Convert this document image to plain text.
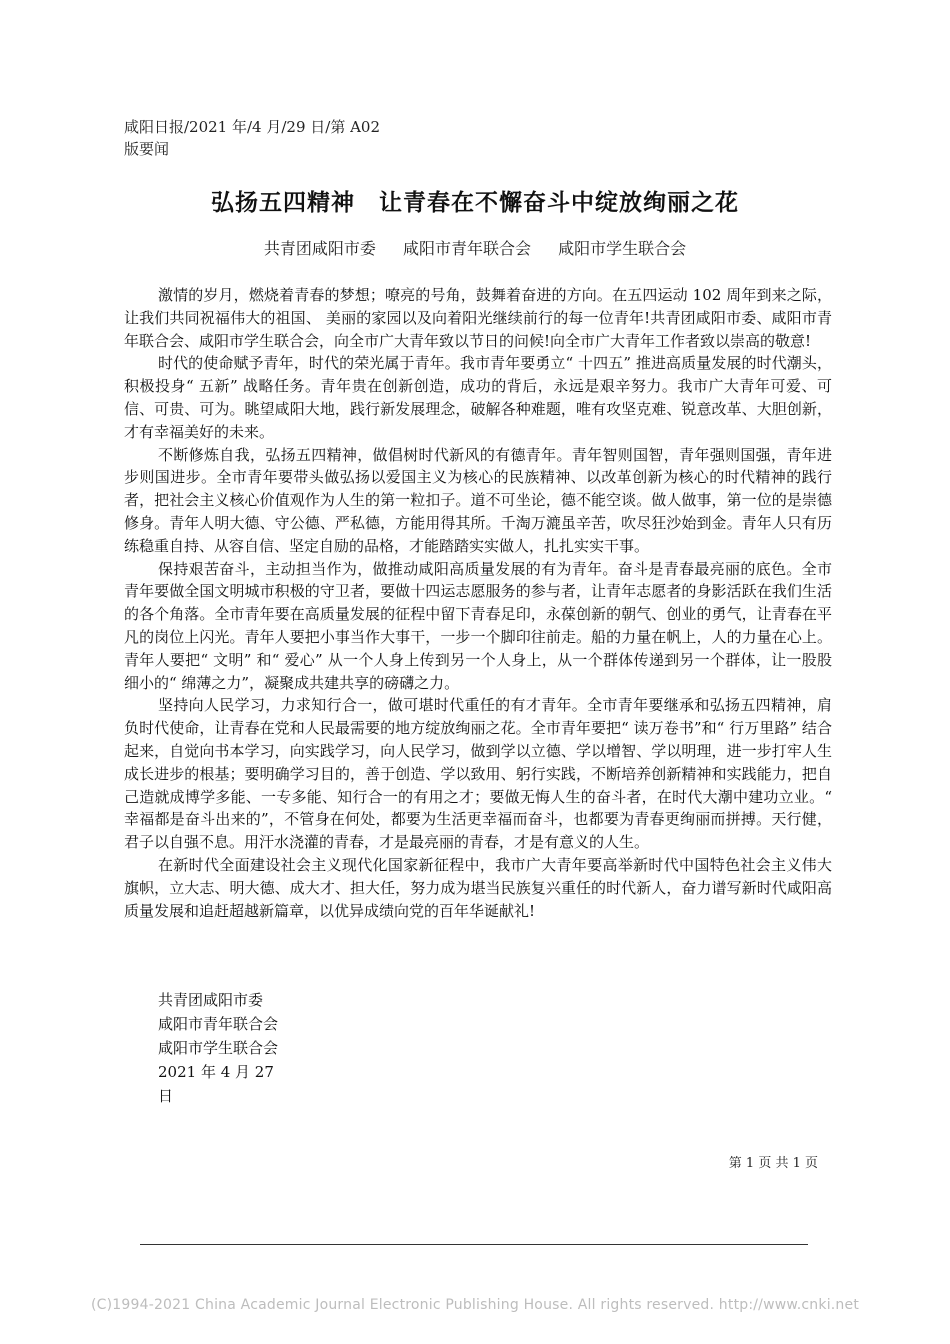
咸阳日报/2021 年/4 月/29 日/第 A02
版要闻
弘扬五四精神　让青春在不懈奋斗中绽放绚丽之花
共青团咸阳市委 咸阳市青年联合会 咸阳市学生联合会

激情的岁月，燃烧着青春的梦想；嘹亮的号角，鼓舞着奋进的方向。在五四运动 102 周年到来之际，让我们共同祝福伟大的祖国、 美丽的家园以及向着阳光继续前行的每一位青年!共青团咸阳市委、咸阳市青年联合会、咸阳市学生联合会，向全市广大青年致以节日的问候!向全市广大青年工作者致以崇高的敬意!

时代的使命赋予青年，时代的荣光属于青年。我市青年要勇立“ 十四五” 推进高质量发展的时代潮头，积极投身“ 五新” 战略任务。青年贵在创新创造，成功的背后，永远是艰辛努力。我市广大青年可爱、可信、可贵、可为。眺望咸阳大地，践行新发展理念，破解各种难题，唯有攻坚克难、锐意改革、大胆创新，才有幸福美好的未来。

不断修炼自我，弘扬五四精神，做倡树时代新风的有德青年。青年智则国智，青年强则国强，青年进步则国进步。全市青年要带头做弘扬以爱国主义为核心的民族精神、以改革创新为核心的时代精神的践行者，把社会主义核心价值观作为人生的第一粒扣子。道不可坐论，德不能空谈。做人做事，第一位的是崇德修身。青年人明大德、守公德、严私德，方能用得其所。千淘万漉虽辛苦，吹尽狂沙始到金。青年人只有历练稳重自持、从容自信、坚定自励的品格，才能踏踏实实做人，扎扎实实干事。

保持艰苦奋斗，主动担当作为，做推动咸阳高质量发展的有为青年。奋斗是青春最亮丽的底色。全市青年要做全国文明城市积极的守卫者，要做十四运志愿服务的参与者，让青年志愿者的身影活跃在我们生活的各个角落。全市青年要在高质量发展的征程中留下青春足印，永葆创新的朝气、创业的勇气，让青春在平凡的岗位上闪光。青年人要把小事当作大事干，一步一个脚印往前走。船的力量在帆上，人的力量在心上。青年人要把“ 文明” 和“ 爱心” 从一个人身上传到另一个人身上，从一个群体传递到另一个群体，让一股股细小的“ 绵薄之力”，凝聚成共建共享的磅礴之力。

坚持向人民学习，力求知行合一，做可堪时代重任的有才青年。全市青年要继承和弘扬五四精神，肩负时代使命，让青春在党和人民最需要的地方绽放绚丽之花。全市青年要把“ 读万卷书”和“ 行万里路” 结合起来，自觉向书本学习，向实践学习，向人民学习，做到学以立德、学以增智、学以明理，进一步打牢人生成长进步的根基；要明确学习目的，善于创造、学以致用、躬行实践，不断培养创新精神和实践能力，把自己造就成博学多能、一专多能、知行合一的有用之才；要做无悔人生的奋斗者，在时代大潮中建功立业。“ 幸福都是奋斗出来的”，不管身在何处，都要为生活更幸福而奋斗，也都要为青春更绚丽而拼搏。天行健，君子以自强不息。用汗水浇灌的青春，才是最亮丽的青春，才是有意义的人生。

在新时代全面建设社会主义现代化国家新征程中，我市广大青年要高举新时代中国特色社会主义伟大旗帜，立大志、明大德、成大才、担大任，努力成为堪当民族复兴重任的时代新人，奋力谱写新时代咸阳高质量发展和追赶超越新篇章，以优异成绩向党的百年华诞献礼!

共青团咸阳市委
咸阳市青年联合会
咸阳市学生联合会
2021 年 4 月 27
日
第 1 页 共 1 页
(C)1994-2021 China Academic Journal Electronic Publishing House. All rights reserved. http://www.cnki.net
